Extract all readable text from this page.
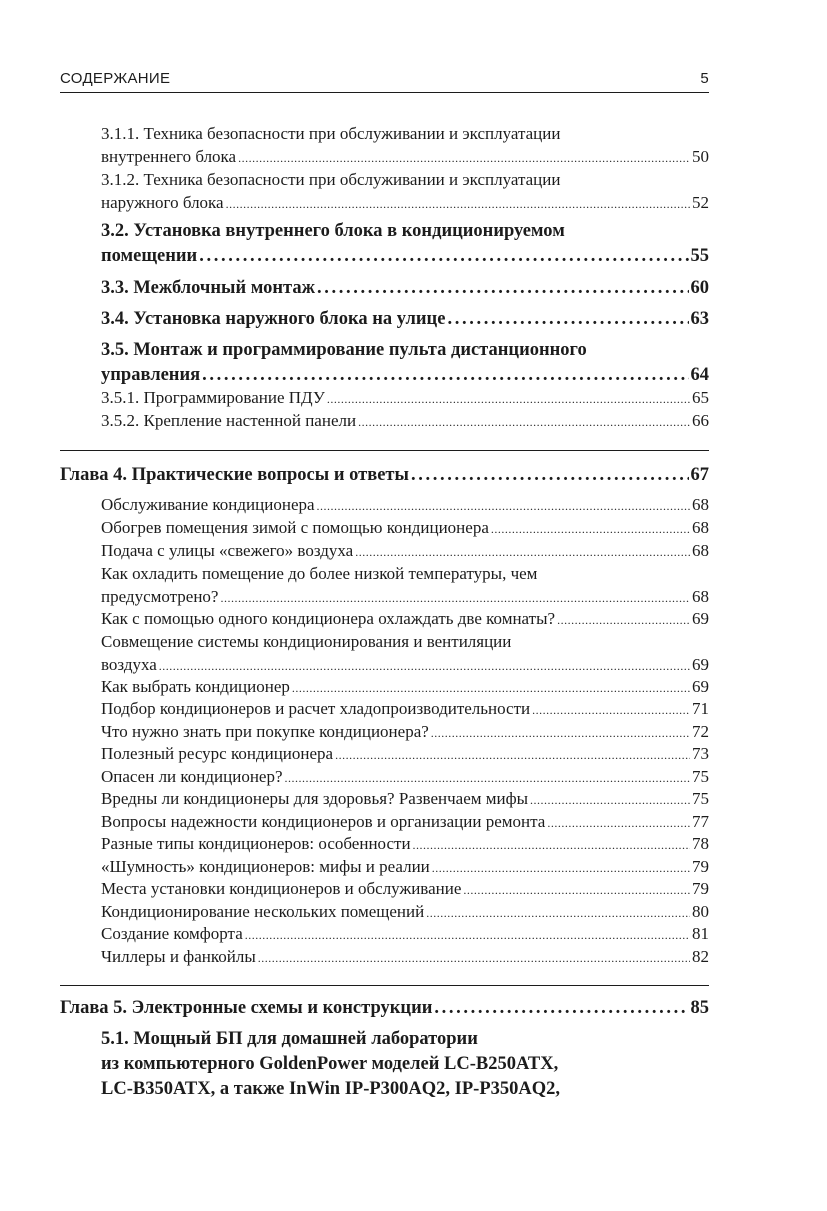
СОДЕРЖАНИЕ	5
3.1.1. Техника безопасности при обслуживании и эксплуатации
внутреннего блока .....	50
3.1.2. Техника безопасности при обслуживании и эксплуатации
наружного блока .....	52
3.2. Установка внутреннего блока в кондиционируемом
помещении . . .	55
3.3. Межблочный монтаж . . .	60
3.4. Установка наружного блока на улице . . .	63
3.5. Монтаж и программирование пульта дистанционного
управления . . .	64
3.5.1. Программирование ПДУ .....	65
3.5.2. Крепление настенной панели .....	66
Глава 4. Практические вопросы и ответы . . .	67
Обслуживание кондиционера .....	68
Обогрев помещения зимой с помощью кондиционера .....	68
Подача с улицы «свежего» воздуха .....	68
Как охладить помещение до более низкой температуры, чем
предусмотрено? .....	68
Как с помощью одного кондиционера охлаждать две комнаты? .....	69
Совмещение системы кондиционирования и вентиляции
воздуха .....	69
Как выбрать кондиционер .....	69
Подбор кондиционеров и расчет хладопроизводительности .....	71
Что нужно знать при покупке кондиционера? .....	72
Полезный ресурс кондиционера .....	73
Опасен ли кондиционер? .....	75
Вредны ли кондиционеры для здоровья? Развенчаем мифы .....	75
Вопросы надежности кондиционеров и организации ремонта .....	77
Разные типы кондиционеров: особенности .....	78
«Шумность» кондиционеров: мифы и реалии .....	79
Места установки кондиционеров и обслуживание .....	79
Кондиционирование нескольких помещений .....	80
Создание комфорта .....	81
Чиллеры и фанкойлы .....	82
Глава 5. Электронные схемы и конструкции . . .	85
5.1. Мощный БП для домашней лаборатории
из компьютерного GoldenPower моделей LC-B250ATX,
LC-B350ATX, а также InWin IP-P300AQ2, IP-P350AQ2,
